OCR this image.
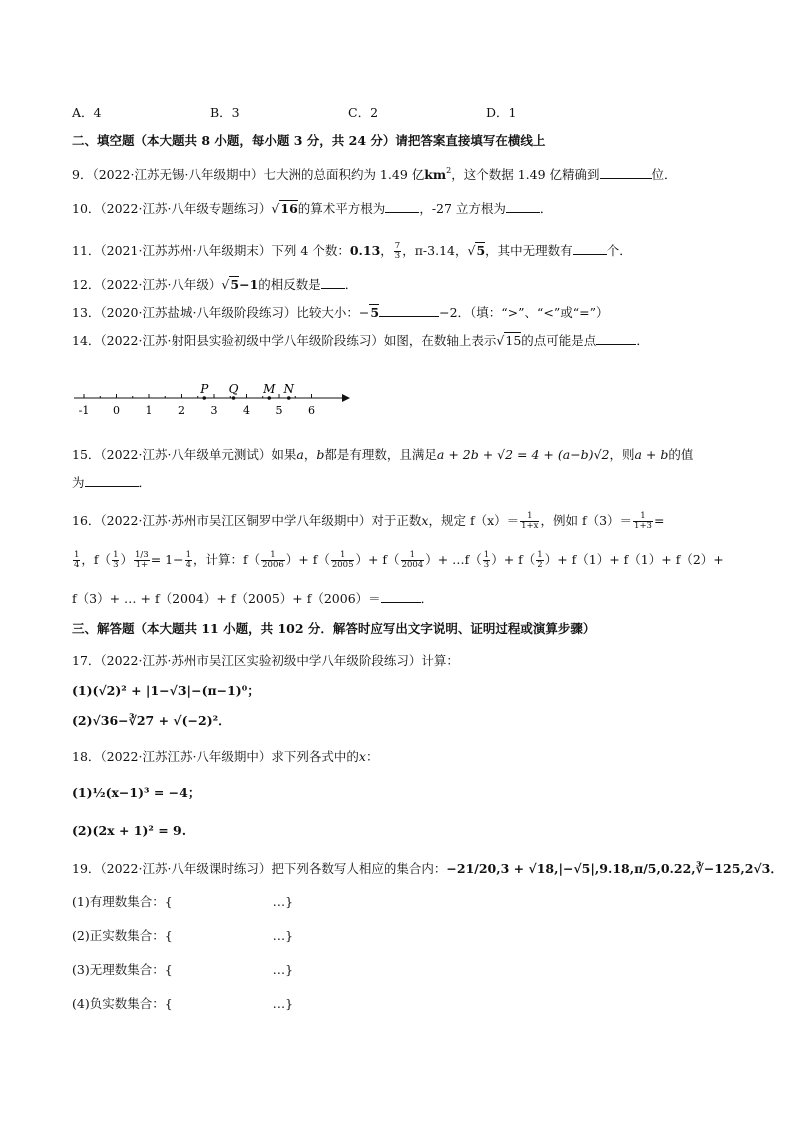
A．4	B．3	C．2	D．1
二、填空题（本大题共 8 小题，每小题 3 分，共 24 分）请把答案直接填写在横线上
9．（2022·江苏无锡·八年级期中）七大洲的总面积约为 1.49 亿$km^2$，这个数据 1.49 亿精确到	位．
10．（2022·江苏·八年级专题练习）√16的算术平方根为	，-27 立方根为	．
11．（2021·江苏苏州·八年级期末）下列 4 个数：0.13， $\frac{7}{3}$ ，π-3.14，√5，其中无理数有	个．
12．（2022·江苏·八年级）√5−1的相反数是 ．
13．（2020·江苏盐城·八年级阶段练习）比较大小：−5	−2．（填：“>”、“<”或“=”）
14．（2022·江苏·射阳县实验初级中学八年级阶段练习）如图，在数轴上表示√15的点可能是点	．
-1 0 1 2 3 4 5 6
P Q M N
15．（2022·江苏·八年级单元测试）如果a，b都是有理数，且满足a + 2b + √2 = 4 + (a−b)√2，则a + b的值
为	．
16．（2022·江苏·苏州市吴江区铜罗中学八年级期中）对于正数x，规定 $f(x)= \frac{1}{1+x}$ ，例如 $f(3)= \frac{1}{1+3}$ =
$\frac{1}{4}$ ，$f( \frac{1}{3}$ ） $\frac{1/3}{1+} = 1- \frac{1}{4}$ ，计算：$f( \frac{1}{2006}$ ）+ $f( \frac{1}{2005}$ ）+ $f( \frac{1}{2004}$ ）+ …f（ $\frac{1}{3}$ ）+ $f( \frac{1}{2}$ ）+ f（1）+ f（1）+ f（2）+
f（3）+ … + f（2004）+ f（2005）+ f（2006）＝	．
三、解答题（本大题共 11 小题，共 102 分．解答时应写出文字说明、证明过程或演算步骤）
17．（2022·江苏·苏州市吴江区实验初级中学八年级阶段练习）计算：
(1)(√2)² + |1−√3|−(π−1)⁰；
(2)√36−∛27 + √(−2)²．
18．（2022·江苏江苏·八年级期中）求下列各式中的x：
(1)½(x−1)³ = −4；
(2)(2x + 1)² = 9.
19．（2022·江苏·八年级课时练习）把下列各数写人相应的集合内：−21/20,3 + √18,|−√5|,9.18,π/5,0.22,∛−125,2√3．
(1)有理数集合：{	…}
(2)正实数集合：{	…}
(3)无理数集合：{	…}
(4)负实数集合：{	…}
